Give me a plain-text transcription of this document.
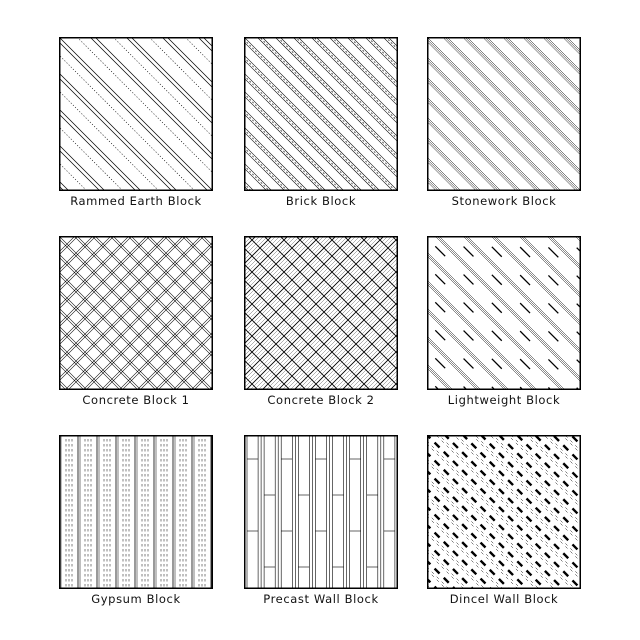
Rammed Earth Block	Brick Block	Stonework Block
Concrete Block 1	Concrete Block 2	Lightweight Block
Gypsum Block	Precast Wall Block	Dincel Wall Block
